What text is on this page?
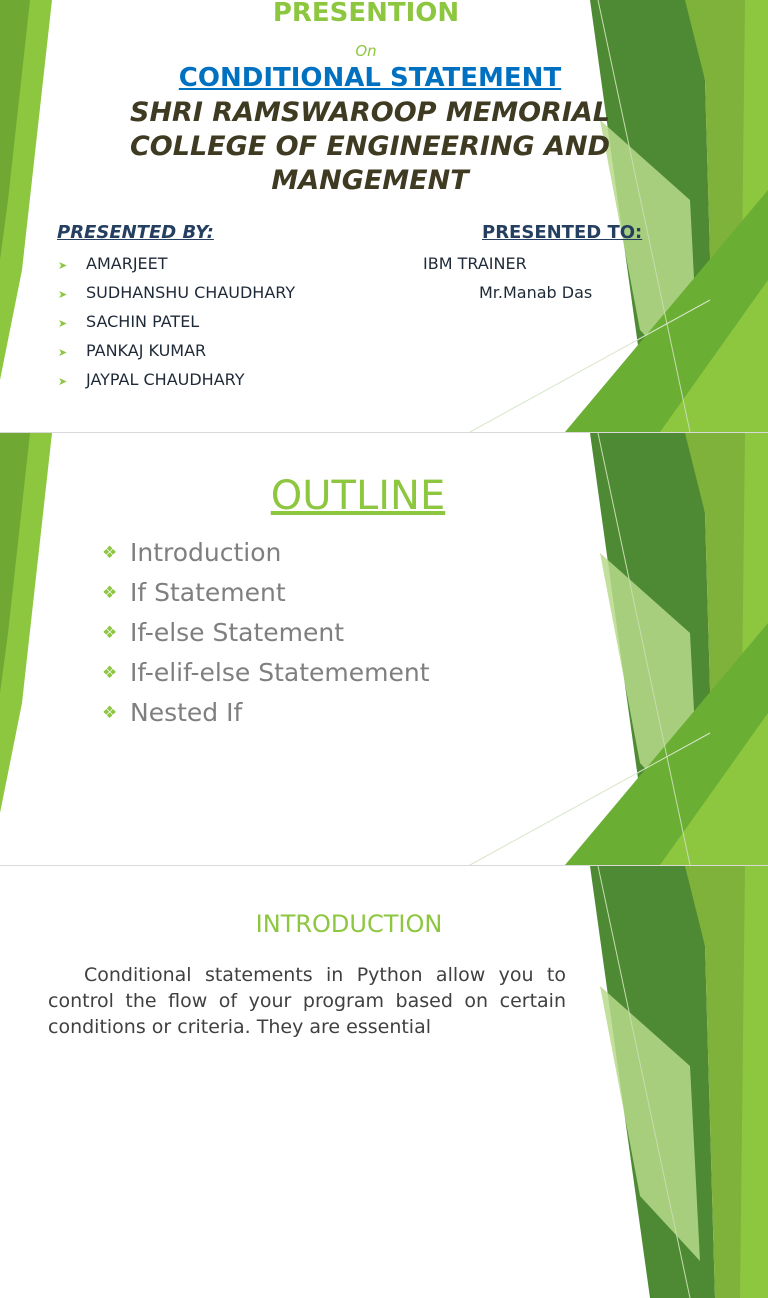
PRESENTION
On
CONDITIONAL STATEMENT
SHRI RAMSWAROOP MEMORIAL COLLEGE OF ENGINEERING AND MANGEMENT
PRESENTED BY:	PRESENTED TO:
➤ AMARJEET
➤ SUDHANSHU CHAUDHARY
➤ SACHIN PATEL
➤ PANKAJ KUMAR
➤ JAYPAL CHAUDHARY
IBM TRAINER
Mr.Manab Das
OUTLINE
❖ Introduction
❖ If Statement
❖ If-else Statement
❖ If-elif-else Statemement
❖ Nested If
INTRODUCTION
Conditional statements in Python allow you to control the flow of your program based on certain conditions or criteria. They are essential
